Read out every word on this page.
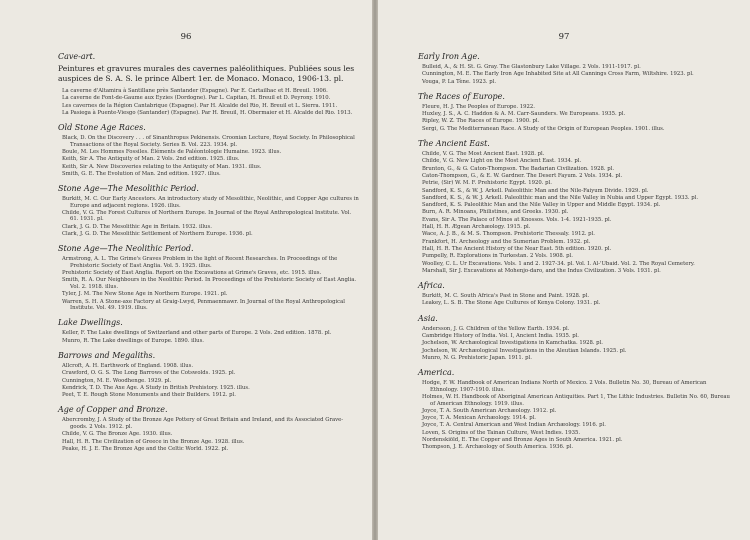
96
Cave-art.
Peintures et gravures murales des cavernes paléolithiques. Publiées sous les auspices de S. A. S. le prince Albert 1er. de Monaco. Monaco, 1906-13. pl.
La caverne d'Altamira à Santillane près Santander (Espagne). Par E. Cartailhac et H. Breuil. 1906.
La caverne de Font-de-Gaume aux Eyzies (Dordogne). Par L. Capitan, H. Breuil et D. Peyrony. 1910.
Les cavernes de la Région Cantabrique (Espagne). Par H. Alcalde del Rio, H. Breuil et L. Sierra. 1911.
La Pasiega à Puente-Viesgo (Santander) (Espagne). Par H. Breuil, H. Obermaier et H. Alcalde del Rio. 1913.
Old Stone Age Races.
Black, D. On the Discovery . . . of Sinanthropus Pekinensis. Croonian Lecture, Royal Society. In Philosophical Transactions of the Royal Society. Series B. Vol. 223. 1934. pl.
Boule, M. Les Hommes Fossiles. Éléments de Paléontologie Humaine. 1923. illus.
Keith, Sir A. The Antiquity of Man. 2 Vols. 2nd edition. 1925. illus.
Keith, Sir A. New Discoveries relating to the Antiquity of Man. 1931. illus.
Smith, G. E. The Evolution of Man. 2nd edition. 1927. illus.
Stone Age—The Mesolithic Period.
Burkitt, M. C. Our Early Ancestors. An introductory study of Mesolithic, Neolithic, and Copper Age cultures in Europe and adjacent regions. 1926. illus.
Childe, V. G. The Forest Cultures of Northern Europe. In Journal of the Royal Anthropological Institute. Vol. 61. 1931. pl.
Clark, J. G. D. The Mesolithic Age in Britain. 1932. illus.
Clark, J. G. D. The Mesolithic Settlement of Northern Europe. 1936. pl.
Stone Age—The Neolithic Period.
Armstrong, A. L. The Grime's Graves Problem in the light of Recent Researches. In Proceedings of the Prehistoric Society of East Anglia. Vol. 5. 1925. illus.
Prehistoric Society of East Anglia. Report on the Excavations at Grime's Graves, etc. 1915. illus.
Smith, R. A. Our Neighbours in the Neolithic Period. In Proceedings of the Prehistoric Society of East Anglia. Vol. 2. 1918. illus.
Tyler, J. M. The New Stone Age in Northern Europe. 1921. pl.
Warren, S. H. A Stone-axe Factory at Graig-Lwyd, Penmaenmawr. In Journal of the Royal Anthropological Institute. Vol. 49. 1919. illus.
Lake Dwellings.
Keller, F. The Lake dwellings of Switzerland and other parts of Europe. 2 Vols. 2nd edition. 1878. pl.
Munro, R. The Lake dwellings of Europe. 1890. illus.
Barrows and Megaliths.
Allcroft, A. H. Earthwork of England. 1908. illus.
Crawford, O. G. S. The Long Barrows of the Cotswolds. 1925. pl.
Cunnington, M. E. Woodhenge. 1929. pl.
Kendrick, T. D. The Axe Age. A Study in British Prehistory. 1925. illus.
Peet, T. E. Rough Stone Monuments and their Builders. 1912. pl.
Age of Copper and Bronze.
Abercromby, J. A Study of the Bronze Age Pottery of Great Britain and Ireland, and its Associated Grave-goods. 2 Vols. 1912. pl.
Childe, V. G. The Bronze Age. 1930. illus.
Hall, H. R. The Civilization of Greece in the Bronze Age. 1928. illus.
Peake, H. J. E. The Bronze Age and the Celtic World. 1922. pl.
97
Early Iron Age.
Bulleid, A., & H. St. G. Gray. The Glastonbury Lake Village. 2 Vols. 1911-1917. pl.
Cunnington, M. E. The Early Iron Age Inhabited Site at All Cannings Cross Farm, Wiltshire. 1923. pl.
Vouga, P. La Tène. 1923. pl.
The Races of Europe.
Fleure, H. J. The Peoples of Europe. 1922.
Huxley, J. S., A. C. Haddon & A. M. Carr-Saunders. We Europeans. 1935. pl.
Ripley, W. Z. The Races of Europe. 1900. pl.
Sergi, G. The Mediterranean Race. A Study of the Origin of European Peoples. 1901. illus.
The Ancient East.
Childe, V. G. The Most Ancient East. 1928. pl.
Childe, V. G. New Light on the Most Ancient East. 1934. pl.
Brunton, G., & G. Caton-Thompson. The Badarian Civilization. 1928. pl.
Caton-Thompson, G., & E. W. Gardner. The Desert Fayum. 2 Vols. 1934. pl.
Petrie, (Sir) W. M. F. Prehistoric Egypt. 1920. pl.
Sandford, K. S., & W. J. Arkell. Paleolithic Man and the Nile-Faiyum Divide. 1929. pl.
Sandford, K. S., & W. J. Arkell. Paleolithic man and the Nile Valley in Nubia and Upper Egypt. 1933. pl.
Sandford, K. S. Paleolithic Man and the Nile Valley in Upper and Middle Egypt. 1934. pl.
Burn, A. R. Minoans, Philistines, and Greeks. 1930. pl.
Evans, Sir A. The Palace of Minos at Knossos. Vols. 1-4. 1921-1935. pl.
Hall, H. R. Ægean Archæology. 1915. pl.
Wace, A. J. B., & M. S. Thompson. Prehistoric Thessaly. 1912. pl.
Frankfort, H. Archeology and the Sumerian Problem. 1932. pl.
Hall, H. R. The Ancient History of the Near East. 5th edition. 1920. pl.
Pumpelly, R. Explorations in Turkestan. 2 Vols. 1908. pl.
Woolley, C. L. Ur Excavations. Vols. 1 and 2. 1927-34. pl. Vol. I. Al-'Ubaid. Vol. 2. The Royal Cemetery.
Marshall, Sir J. Excavations at Mohenjo-daro, and the Indus Civilization. 3 Vols. 1931. pl.
Africa.
Burkitt, M. C. South Africa's Past in Stone and Paint. 1928. pl.
Leakey, L. S. B. The Stone Age Cultures of Kenya Colony. 1931. pl.
Asia.
Andersson, J. G. Children of the Yellow Earth. 1934. pl.
Cambridge History of India. Vol. I, Ancient India. 1935. pl.
Jochelson, W. Archæological Investigations in Kamchatka. 1928. pl.
Jochelson, W. Archæological Investigations in the Aleutian Islands. 1925. pl.
Munro, N. G. Prehistoric Japan. 1911. pl.
America.
Hodge, F. W. Handbook of American Indians North of Mexico. 2 Vols. Bulletin No. 30, Bureau of American Ethnology. 1907-1910. illus.
Holmes, W. H. Handbook of Aboriginal American Antiquities. Part 1, The Lithic Industries. Bulletin No. 60, Bureau of American Ethnology. 1919. illus.
Joyce, T. A. South American Archæology. 1912. pl.
Joyce, T. A. Mexican Archæology. 1914. pl.
Joyce, T. A. Central American and West Indian Archæology. 1916. pl.
Loven, S. Origins of the Tainan Culture, West Indies. 1935.
Nordenskiöld, E. The Copper and Bronze Ages in South America. 1921. pl.
Thompson, J. E. Archæology of South America. 1936. pl.
